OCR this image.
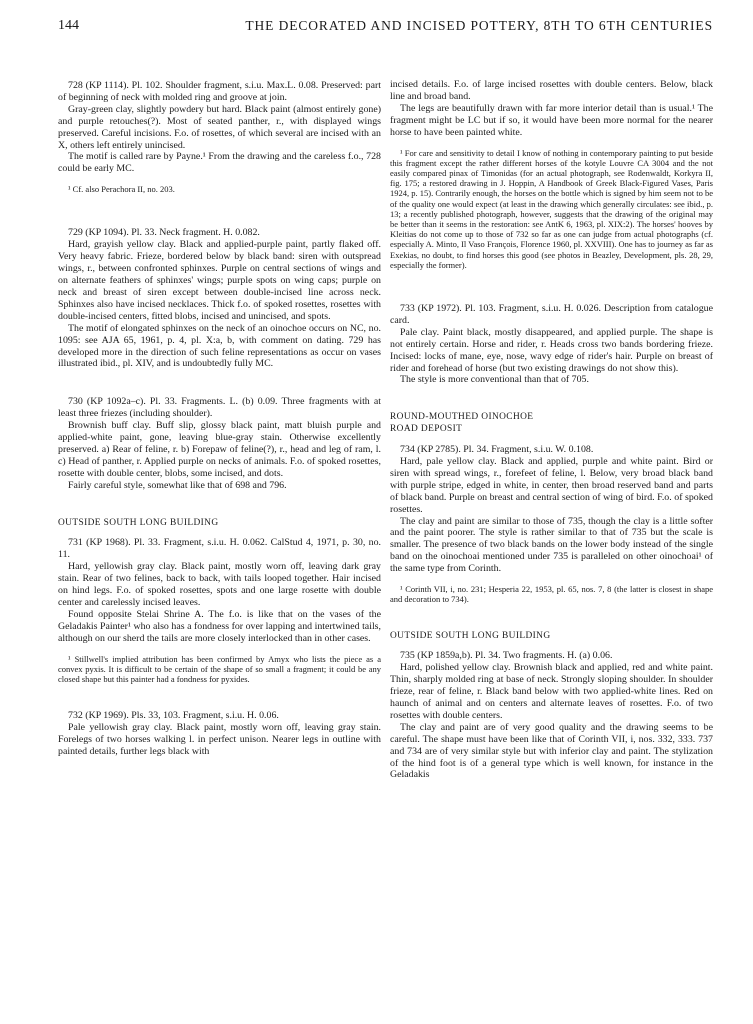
144	THE DECORATED AND INCISED POTTERY, 8TH TO 6TH CENTURIES

728 (KP 1114). Pl. 102. Shoulder fragment, s.i.u. Max.L. 0.08. Preserved: part of beginning of neck with molded ring and groove at join.

Gray-green clay, slightly powdery but hard. Black paint (almost entirely gone) and purple retouches(?). Most of seated panther, r., with displayed wings preserved. Careful incisions. F.o. of rosettes, of which several are incised with an X, others left entirely unincised.

The motif is called rare by Payne.¹ From the drawing and the careless f.o., 728 could be early MC.

¹ Cf. also Perachora II, no. 203.

729 (KP 1094). Pl. 33. Neck fragment. H. 0.082.

Hard, grayish yellow clay. Black and applied-purple paint, partly flaked off. Very heavy fabric. Frieze, bordered below by black band: siren with outspread wings, r., between confronted sphinxes. Purple on central sections of wings and on alternate feathers of sphinxes' wings; purple spots on wing caps; purple on neck and breast of siren except between double-incised line across neck. Sphinxes also have incised necklaces. Thick f.o. of spoked rosettes, rosettes with double-incised centers, fitted blobs, incised and unincised, and spots.

The motif of elongated sphinxes on the neck of an oinochoe occurs on NC, no. 1095: see AJA 65, 1961, p. 4, pl. X:a, b, with comment on dating. 729 has developed more in the direction of such feline representations as occur on vases illustrated ibid., pl. XIV, and is undoubtedly fully MC.

730 (KP 1092a–c). Pl. 33. Fragments. L. (b) 0.09. Three fragments with at least three friezes (including shoulder).

Brownish buff clay. Buff slip, glossy black paint, matt bluish purple and applied-white paint, gone, leaving blue-gray stain. Otherwise excellently preserved. a) Rear of feline, r. b) Forepaw of feline(?), r., head and leg of ram, l. c) Head of panther, r. Applied purple on necks of animals. F.o. of spoked rosettes, rosette with double center, blobs, some incised, and dots.

Fairly careful style, somewhat like that of 698 and 796.

OUTSIDE SOUTH LONG BUILDING

731 (KP 1968). Pl. 33. Fragment, s.i.u. H. 0.062. CalStud 4, 1971, p. 30, no. 11.

Hard, yellowish gray clay. Black paint, mostly worn off, leaving dark gray stain. Rear of two felines, back to back, with tails looped together. Hair incised on hind legs. F.o. of spoked rosettes, spots and one large rosette with double center and carelessly incised leaves.

Found opposite Stelai Shrine A. The f.o. is like that on the vases of the Geladakis Painter¹ who also has a fondness for over lapping and intertwined tails, although on our sherd the tails are more closely interlocked than in other cases.

¹ Stillwell's implied attribution has been confirmed by Amyx who lists the piece as a convex pyxis. It is difficult to be certain of the shape of so small a fragment; it could be any closed shape but this painter had a fondness for pyxides.

732 (KP 1969). Pls. 33, 103. Fragment, s.i.u. H. 0.06.

Pale yellowish gray clay. Black paint, mostly worn off, leaving gray stain. Forelegs of two horses walking l. in perfect unison. Nearer legs in outline with painted details, further legs black with

incised details. F.o. of large incised rosettes with double centers. Below, black line and broad band.

The legs are beautifully drawn with far more interior detail than is usual.¹ The fragment might be LC but if so, it would have been more normal for the nearer horse to have been painted white.

¹ For care and sensitivity to detail I know of nothing in contemporary painting to put beside this fragment except the rather different horses of the kotyle Louvre CA 3004 and the not easily compared pinax of Timonidas (for an actual photograph, see Rodenwaldt, Korkyra II, fig. 175; a restored drawing in J. Hoppin, A Handbook of Greek Black-Figured Vases, Paris 1924, p. 15). Contrarily enough, the horses on the bottle which is signed by him seem not to be of the quality one would expect (at least in the drawing which generally circulates: see ibid., p. 13; a recently published photograph, however, suggests that the drawing of the original may be better than it seems in the restoration: see AntK 6, 1963, pl. XIX:2). The horses' hooves by Kleitias do not come up to those of 732 so far as one can judge from actual photographs (cf. especially A. Minto, Il Vaso François, Florence 1960, pl. XXVIII). One has to journey as far as Exekias, no doubt, to find horses this good (see photos in Beazley, Development, pls. 28, 29, especially the former).

733 (KP 1972). Pl. 103. Fragment, s.i.u. H. 0.026. Description from catalogue card.

Pale clay. Paint black, mostly disappeared, and applied purple. The shape is not entirely certain. Horse and rider, r. Heads cross two bands bordering frieze. Incised: locks of mane, eye, nose, wavy edge of rider's hair. Purple on breast of rider and forehead of horse (but two existing drawings do not show this).

The style is more conventional than that of 705.

ROUND-MOUTHED OINOCHOE

ROAD DEPOSIT

734 (KP 2785). Pl. 34. Fragment, s.i.u. W. 0.108.

Hard, pale yellow clay. Black and applied, purple and white paint. Bird or siren with spread wings, r., forefeet of feline, l. Below, very broad black band with purple stripe, edged in white, in center, then broad reserved band and parts of black band. Purple on breast and central section of wing of bird. F.o. of spoked rosettes.

The clay and paint are similar to those of 735, though the clay is a little softer and the paint poorer. The style is rather similar to that of 735 but the scale is smaller. The presence of two black bands on the lower body instead of the single band on the oinochoai mentioned under 735 is paralleled on other oinochoai¹ of the same type from Corinth.

¹ Corinth VII, i, no. 231; Hesperia 22, 1953, pl. 65, nos. 7, 8 (the latter is closest in shape and decoration to 734).

OUTSIDE SOUTH LONG BUILDING

735 (KP 1859a,b). Pl. 34. Two fragments. H. (a) 0.06.

Hard, polished yellow clay. Brownish black and applied, red and white paint. Thin, sharply molded ring at base of neck. Strongly sloping shoulder. In shoulder frieze, rear of feline, r. Black band below with two applied-white lines. Red on haunch of animal and on centers and alternate leaves of rosettes. F.o. of two rosettes with double centers.

The clay and paint are of very good quality and the drawing seems to be careful. The shape must have been like that of Corinth VII, i, nos. 332, 333. 737 and 734 are of very similar style but with inferior clay and paint. The stylization of the hind foot is of a general type which is well known, for instance in the Geladakis
